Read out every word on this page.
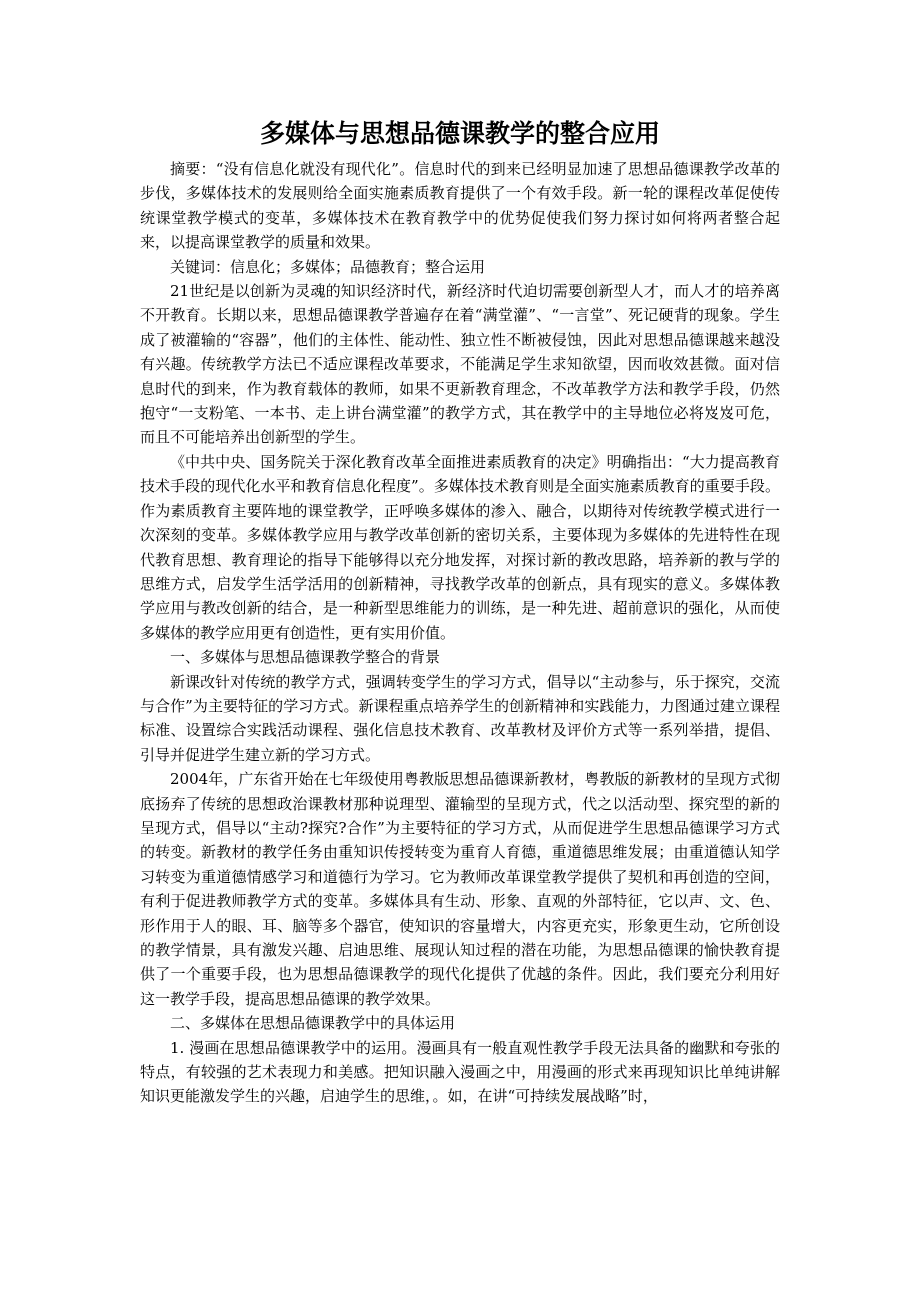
多媒体与思想品德课教学的整合应用

摘要：“没有信息化就没有现代化”。信息时代的到来已经明显加速了思想品德课教学改革的步伐，多媒体技术的发展则给全面实施素质教育提供了一个有效手段。新一轮的课程改革促使传统课堂教学模式的变革，多媒体技术在教育教学中的优势促使我们努力探讨如何将两者整合起来，以提高课堂教学的质量和效果。

关键词：信息化；多媒体；品德教育；整合运用

21世纪是以创新为灵魂的知识经济时代，新经济时代迫切需要创新型人才，而人才的培养离不开教育。长期以来，思想品德课教学普遍存在着“满堂灌”、“一言堂”、死记硬背的现象。学生成了被灌输的“容器”，他们的主体性、能动性、独立性不断被侵蚀，因此对思想品德课越来越没有兴趣。传统教学方法已不适应课程改革要求，不能满足学生求知欲望，因而收效甚微。面对信息时代的到来，作为教育载体的教师，如果不更新教育理念，不改革教学方法和教学手段，仍然抱守“一支粉笔、一本书、走上讲台满堂灌”的教学方式，其在教学中的主导地位必将岌岌可危，而且不可能培养出创新型的学生。

《中共中央、国务院关于深化教育改革全面推进素质教育的决定》明确指出：“大力提高教育技术手段的现代化水平和教育信息化程度”。多媒体技术教育则是全面实施素质教育的重要手段。作为素质教育主要阵地的课堂教学，正呼唤多媒体的渗入、融合，以期待对传统教学模式进行一次深刻的变革。多媒体教学应用与教学改革创新的密切关系，主要体现为多媒体的先进特性在现代教育思想、教育理论的指导下能够得以充分地发挥，对探讨新的教改思路，培养新的教与学的思维方式，启发学生活学活用的创新精神，寻找教学改革的创新点，具有现实的意义。多媒体教学应用与教改创新的结合，是一种新型思维能力的训练，是一种先进、超前意识的强化，从而使多媒体的教学应用更有创造性，更有实用价值。

一、多媒体与思想品德课教学整合的背景

新课改针对传统的教学方式，强调转变学生的学习方式，倡导以“主动参与，乐于探究，交流与合作”为主要特征的学习方式。新课程重点培养学生的创新精神和实践能力，力图通过建立课程标准、设置综合实践活动课程、强化信息技术教育、改革教材及评价方式等一系列举措，提倡、引导并促进学生建立新的学习方式。

2004年，广东省开始在七年级使用粤教版思想品德课新教材，粤教版的新教材的呈现方式彻底扬弃了传统的思想政治课教材那种说理型、灌输型的呈现方式，代之以活动型、探究型的新的呈现方式，倡导以“主动?探究?合作”为主要特征的学习方式，从而促进学生思想品德课学习方式的转变。新教材的教学任务由重知识传授转变为重育人育德，重道德思维发展；由重道德认知学习转变为重道德情感学习和道德行为学习。它为教师改革课堂教学提供了契机和再创造的空间，有利于促进教师教学方式的变革。多媒体具有生动、形象、直观的外部特征，它以声、文、色、形作用于人的眼、耳、脑等多个器官，使知识的容量增大，内容更充实，形象更生动，它所创设的教学情景，具有激发兴趣、启迪思维、展现认知过程的潜在功能，为思想品德课的愉快教育提供了一个重要手段，也为思想品德课教学的现代化提供了优越的条件。因此，我们要充分利用好这一教学手段，提高思想品德课的教学效果。

二、多媒体在思想品德课教学中的具体运用

1. 漫画在思想品德课教学中的运用。漫画具有一般直观性教学手段无法具备的幽默和夸张的特点，有较强的艺术表现力和美感。把知识融入漫画之中，用漫画的形式来再现知识比单纯讲解知识更能激发学生的兴趣，启迪学生的思维，。如，在讲“可持续发展战略”时，
